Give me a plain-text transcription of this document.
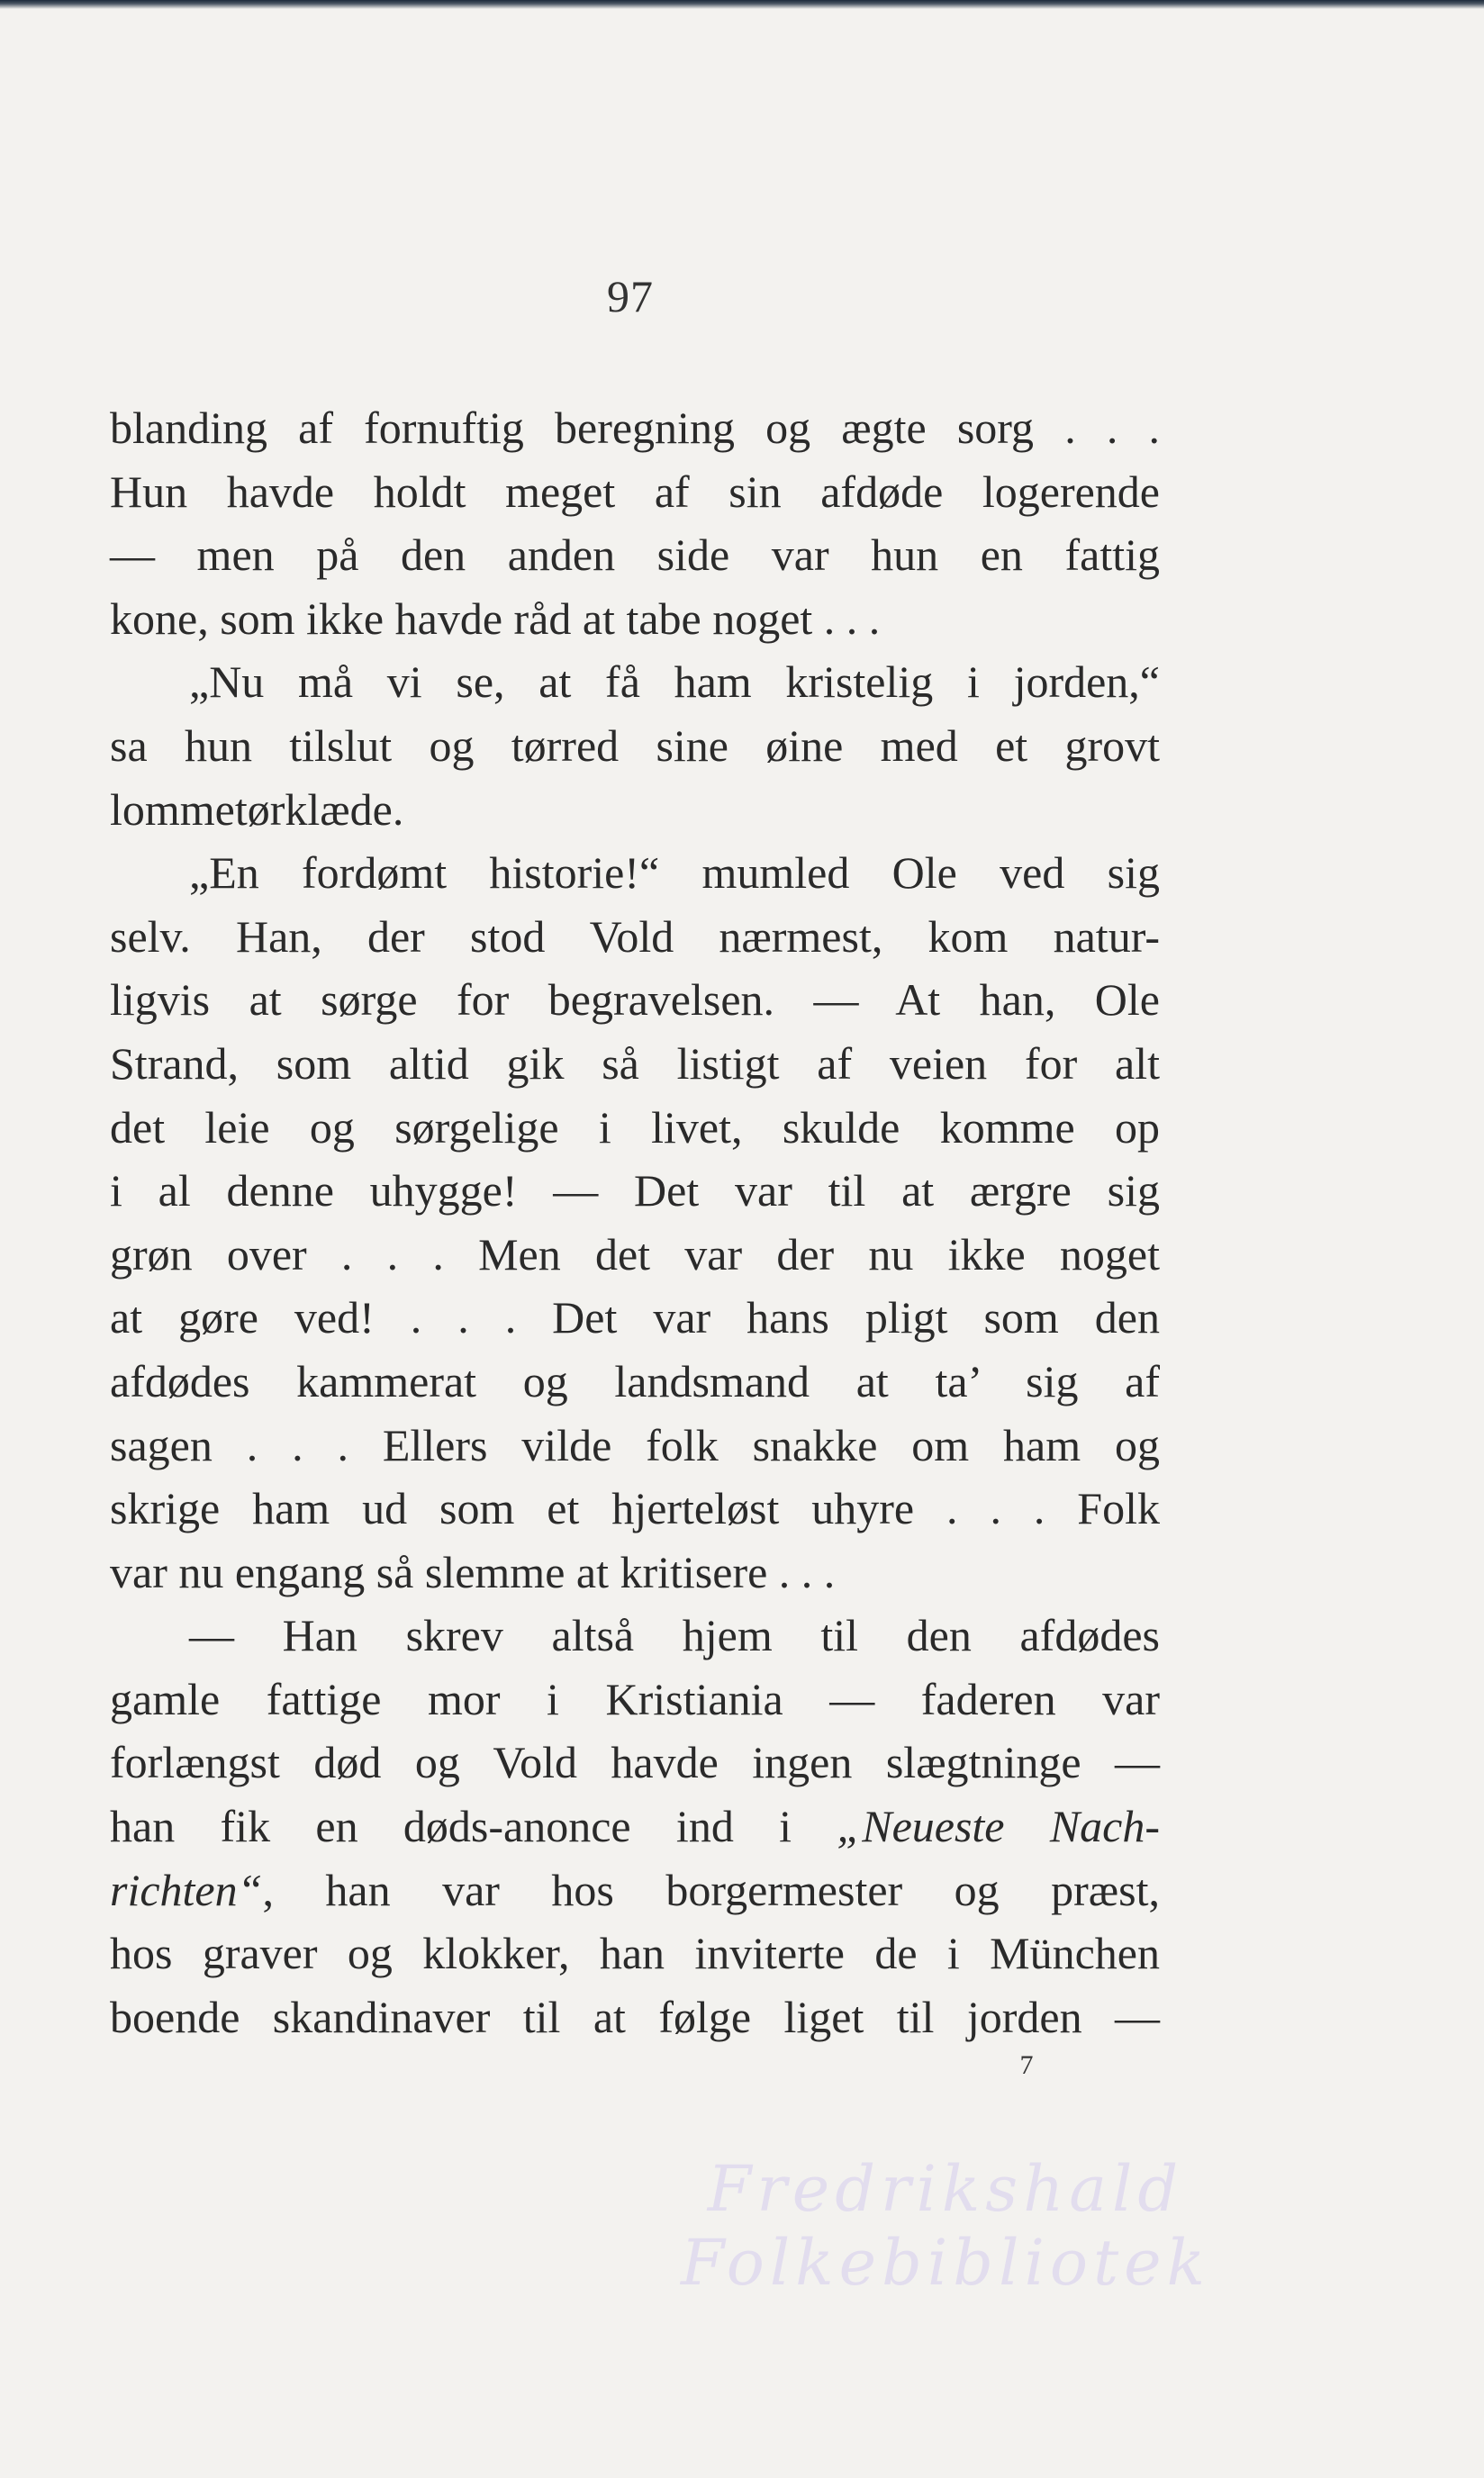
97
blanding af fornuftig beregning og ægte sorg . . .
Hun havde holdt meget af sin afdøde logerende
— men på den anden side var hun en fattig
kone, som ikke havde råd at tabe noget . . .
„Nu må vi se, at få ham kristelig i jorden,“
sa hun tilslut og tørred sine øine med et grovt
lommetørklæde.
„En fordømt historie!“ mumled Ole ved sig
selv. Han, der stod Vold nærmest, kom natur-
ligvis at sørge for begravelsen. — At han, Ole
Strand, som altid gik så listigt af veien for alt
det leie og sørgelige i livet, skulde komme op
i al denne uhygge! — Det var til at ærgre sig
grøn over . . . Men det var der nu ikke noget
at gøre ved! . . . Det var hans pligt som den
afdødes kammerat og landsmand at ta’ sig af
sagen . . . Ellers vilde folk snakke om ham og
skrige ham ud som et hjerteløst uhyre . . . Folk
var nu engang så slemme at kritisere . . .
— Han skrev altså hjem til den afdødes
gamle fattige mor i Kristiania — faderen var
forlængst død og Vold havde ingen slægtninge —
han fik en døds-anonce ind i „Neueste Nach-
richten“, han var hos borgermester og præst,
hos graver og klokker, han inviterte de i München
boende skandinaver til at følge liget til jorden —
7
Fredrikshald Folkebibliotek
